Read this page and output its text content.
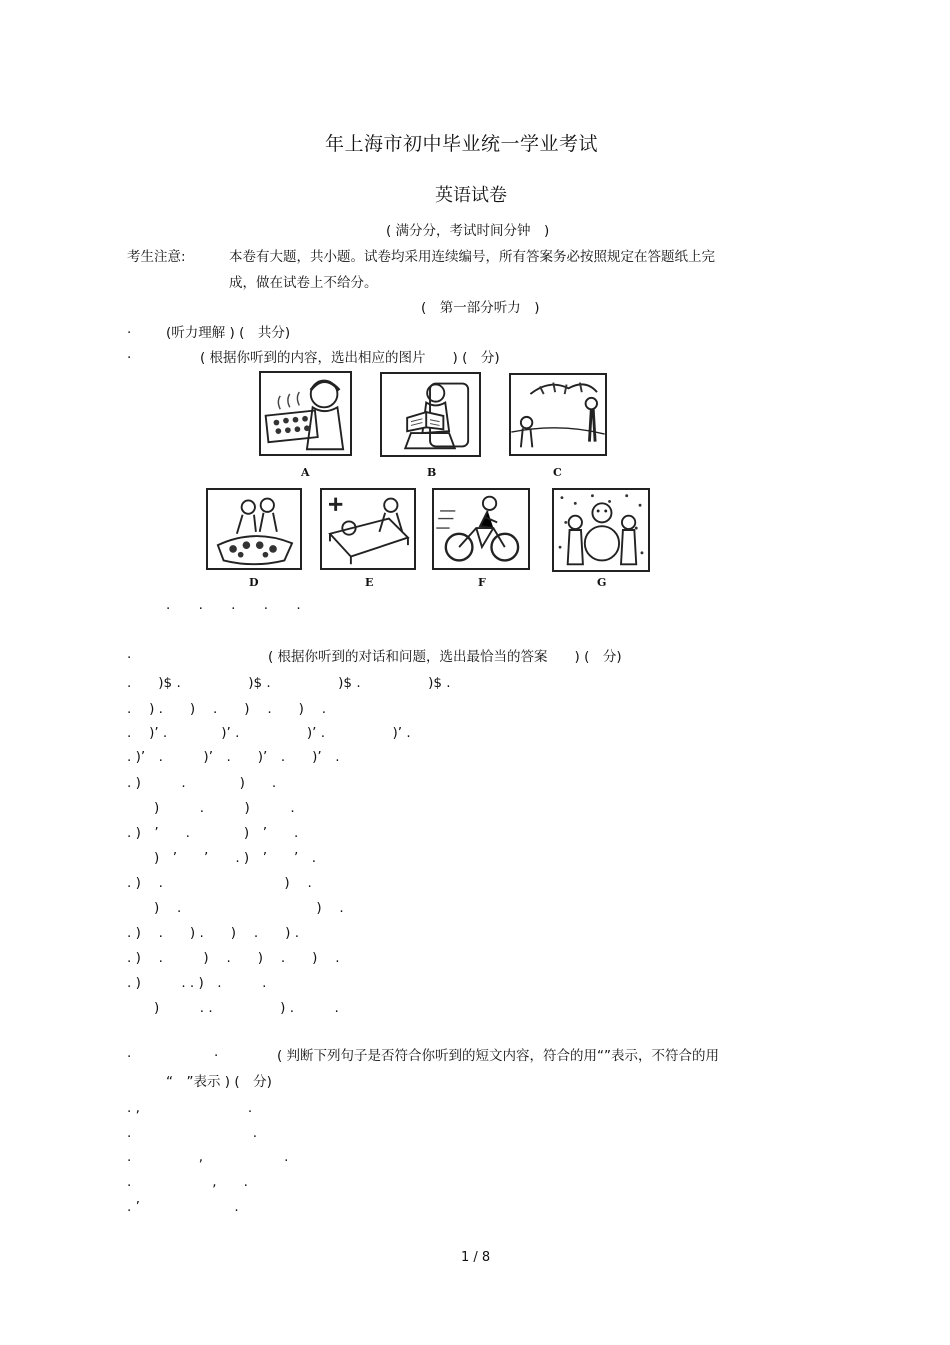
年上海市初中毕业统一学业考试
英语试卷
( 满分分，考试时间分钟　)
考生注意:	本卷有大题，共小题。试卷均采用连续编号，所有答案务必按照规定在答题纸上完
成，做在试卷上不给分。
(　第一部分听力　)
.	(听力理解 ) (　共分)
.	( 根据你听到的内容，选出相应的图片　　) (　分)
A	B	C
D	E	F	G
. . . . .
.	( 根据你听到的对话和问题，选出最恰当的答案　　) (　分)
.　　)$ .　　　　　)$ .　　　　　)$ .　　　　　)$ .
.　 ) .　　)　 .　　)　 .　　)　 .
.　 )’ .　　　　)’ .　　　　　)’ .　　　　　)’ .
. )’　.　　　)’　.　　)’　.　　)’　.
. )　　　.　　　　)　　.
　　)　　　.　　　)　　　.
. )　’　　.　　　　)　’　　.
　　)　’　　’　　. )　’　　’　.
. )　 .　　　　　　　　　)　 .
　　)　 .　　　　　　　　　　)　 .
. )　 .　　) .　　)　 .　　) .
. )　 .　　　)　 .　　)　 .　　)　 .
. )　　　. . )　.　　　.
　　)　　　. .　　　　　) .　　　.
.	.	( 判断下列句子是否符合你听到的短文内容，符合的用“”表示，不符合的用
“　”表示 ) (　分)
. ,　　　　　　　　.
.　　　　　　　　　.
.　　　　　,　　　　　　.
.　　　　　　,　　.
. ’　　　　　　　.
1 / 8
